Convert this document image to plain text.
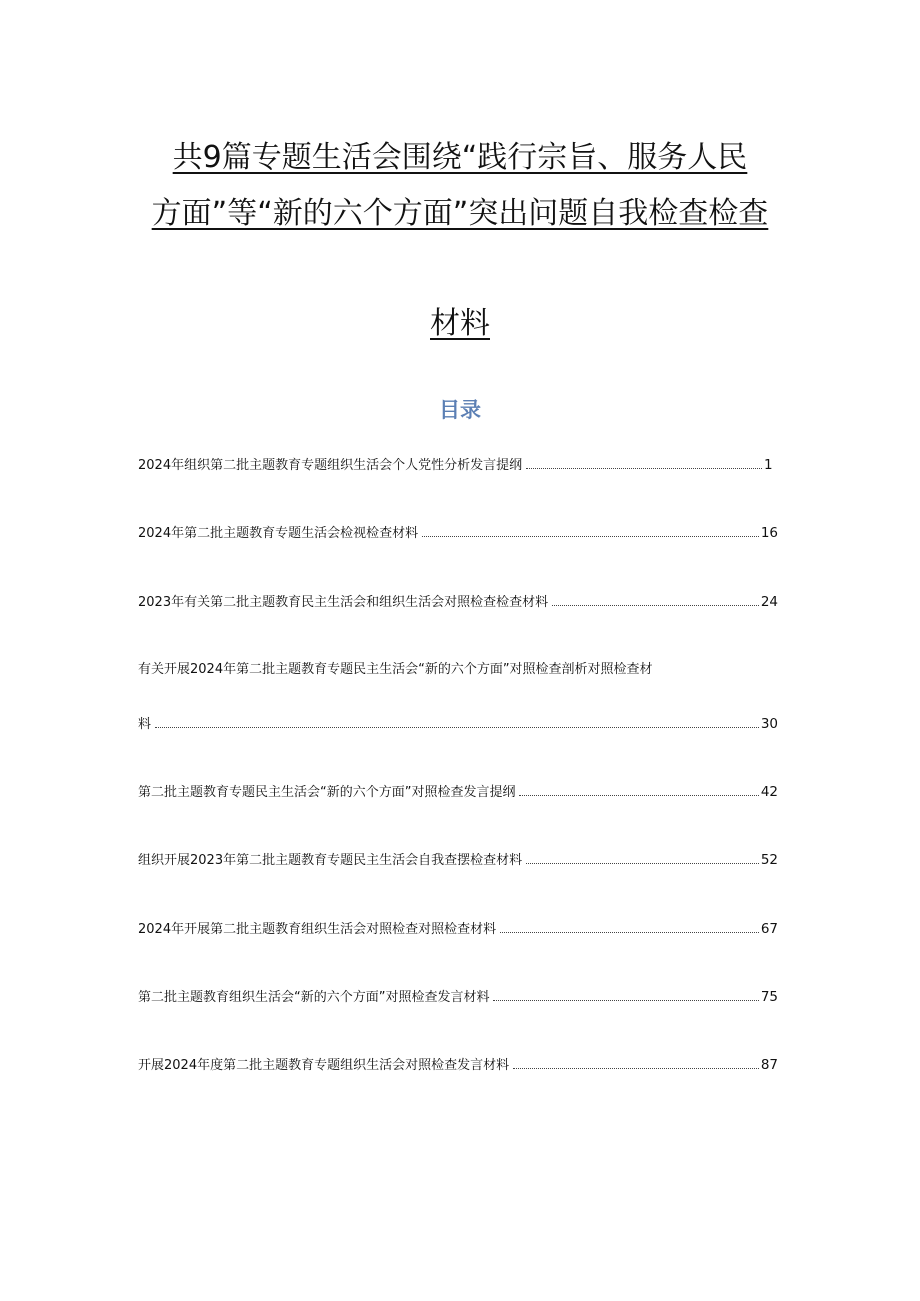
共9篇专题生活会围绕“践行宗旨、服务人民
方面”等“新的六个方面”突出问题自我检查检查
材料
目录
2024年组织第二批主题教育专题组织生活会个人党性分析发言提纲	1
2024年第二批主题教育专题生活会检视检查材料	16
2023年有关第二批主题教育民主生活会和组织生活会对照检查检查材料	24
有关开展2024年第二批主题教育专题民主生活会“新的六个方面”对照检查剖析对照检查材
料	30
第二批主题教育专题民主生活会“新的六个方面”对照检查发言提纲	42
组织开展2023年第二批主题教育专题民主生活会自我查摆检查材料	52
2024年开展第二批主题教育组织生活会对照检查对照检查材料	67
第二批主题教育组织生活会“新的六个方面”对照检查发言材料	75
开展2024年度第二批主题教育专题组织生活会对照检查发言材料	87
